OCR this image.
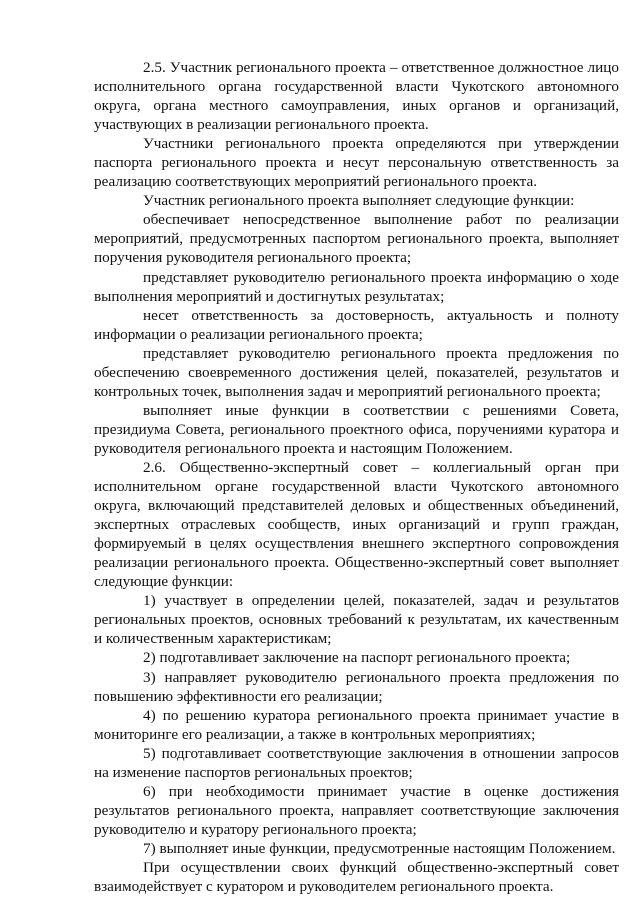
2.5. Участник регионального проекта – ответственное должностное лицо исполнительного органа государственной власти Чукотского автономного округа, органа местного самоуправления, иных органов и организаций, участвующих в реализации регионального проекта.

Участники регионального проекта определяются при утверждении паспорта регионального проекта и несут персональную ответственность за реализацию соответствующих мероприятий регионального проекта.

Участник регионального проекта выполняет следующие функции:

обеспечивает непосредственное выполнение работ по реализации мероприятий, предусмотренных паспортом регионального проекта, выполняет поручения руководителя регионального проекта;

представляет руководителю регионального проекта информацию о ходе выполнения мероприятий и достигнутых результатах;

несет ответственность за достоверность, актуальность и полноту информации о реализации регионального проекта;

представляет руководителю регионального проекта предложения по обеспечению своевременного достижения целей, показателей, результатов и контрольных точек, выполнения задач и мероприятий регионального проекта;

выполняет иные функции в соответствии с решениями Совета, президиума Совета, регионального проектного офиса, поручениями куратора и руководителя регионального проекта и настоящим Положением.

2.6. Общественно-экспертный совет – коллегиальный орган при исполнительном органе государственной власти Чукотского автономного округа, включающий представителей деловых и общественных объединений, экспертных отраслевых сообществ, иных организаций и групп граждан, формируемый в целях осуществления внешнего экспертного сопровождения реализации регионального проекта. Общественно-экспертный совет выполняет следующие функции:

1) участвует в определении целей, показателей, задач и результатов региональных проектов, основных требований к результатам, их качественным и количественным характеристикам;

2) подготавливает заключение на паспорт регионального проекта;

3) направляет руководителю регионального проекта предложения по повышению эффективности его реализации;

4) по решению куратора регионального проекта принимает участие в мониторинге его реализации, а также в контрольных мероприятиях;

5) подготавливает соответствующие заключения в отношении запросов на изменение паспортов региональных проектов;

6) при необходимости принимает участие в оценке достижения результатов регионального проекта, направляет соответствующие заключения руководителю и куратору регионального проекта;

7) выполняет иные функции, предусмотренные настоящим Положением.

При осуществлении своих функций общественно-экспертный совет взаимодействует с куратором и руководителем регионального проекта.
